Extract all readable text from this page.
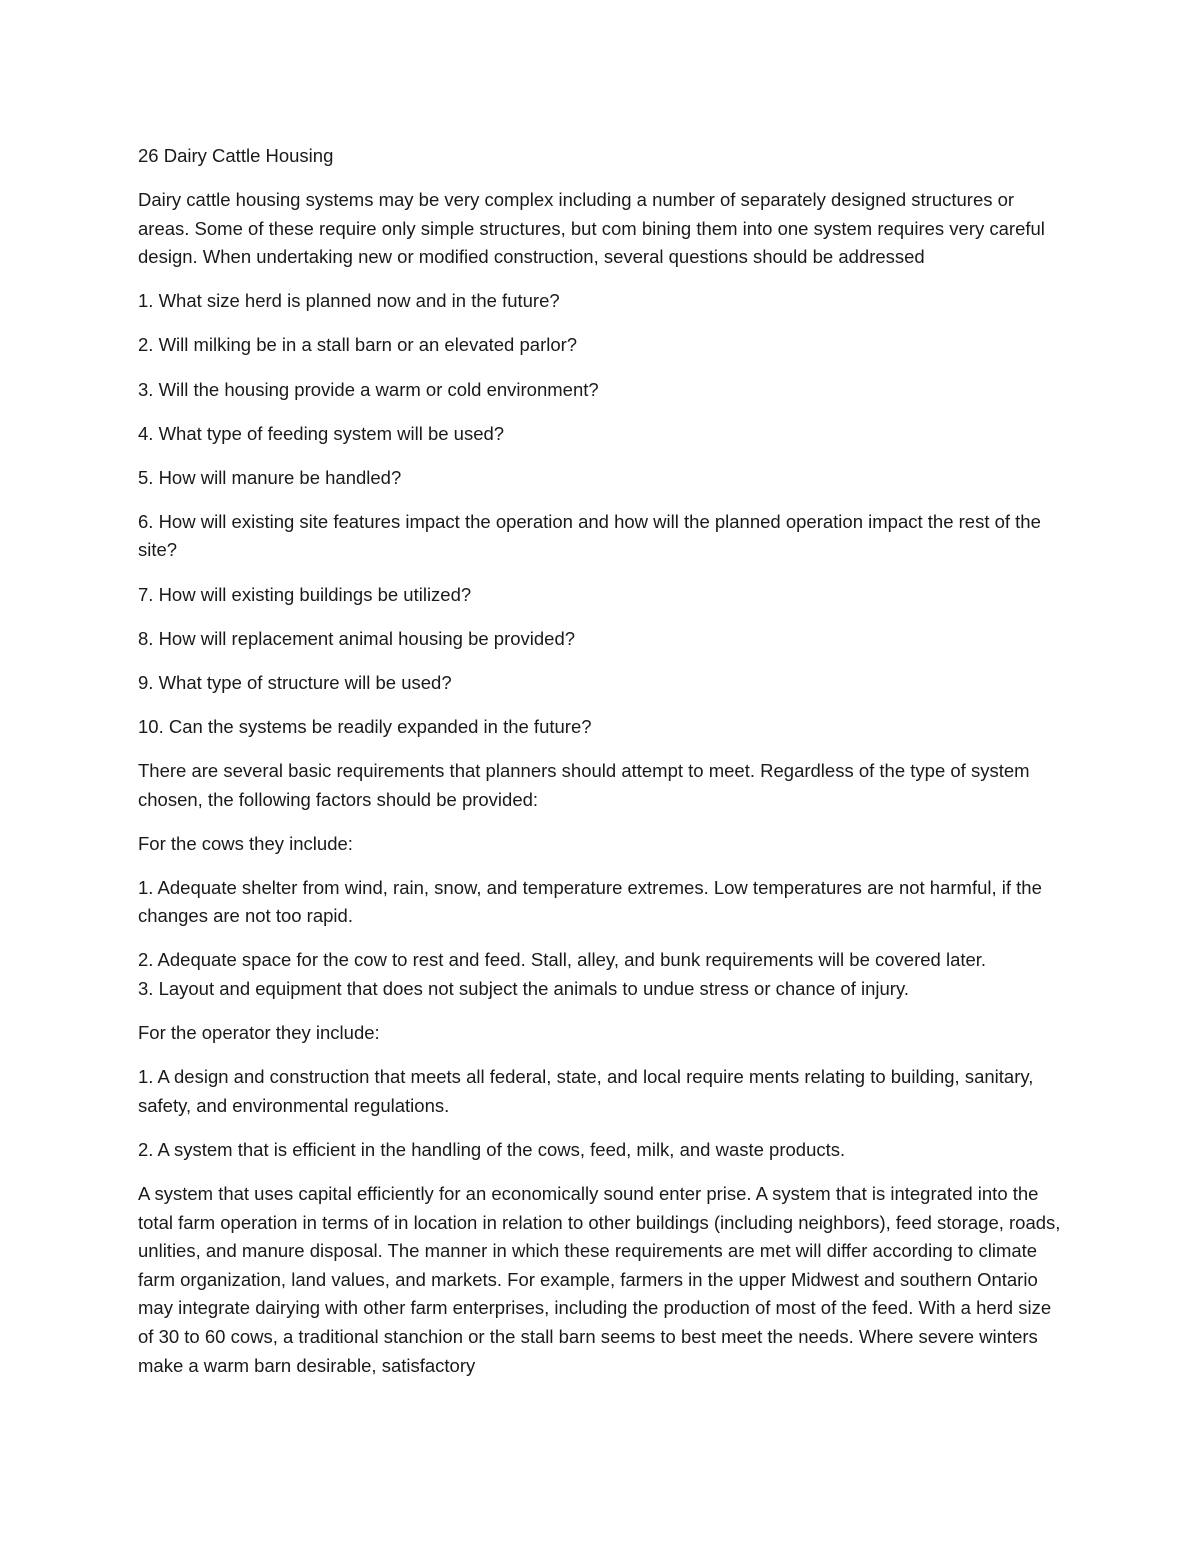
26 Dairy Cattle Housing

Dairy cattle housing systems may be very complex including a number of separately designed structures or areas. Some of these require only simple structures, but com bining them into one system requires very careful design. When undertaking new or modified construction, several questions should be addressed

1. What size herd is planned now and in the future?

2. Will milking be in a stall barn or an elevated parlor?

3. Will the housing provide a warm or cold environment?

4. What type of feeding system will be used?

5. How will manure be handled?

6. How will existing site features impact the operation and how will the planned operation impact the rest of the site?

7. How will existing buildings be utilized?

8. How will replacement animal housing be provided?

9. What type of structure will be used?

10. Can the systems be readily expanded in the future?

There are several basic requirements that planners should attempt to meet. Regardless of the type of system chosen, the following factors should be provided:

For the cows they include:

1. Adequate shelter from wind, rain, snow, and temperature extremes. Low temperatures are not harmful, if the changes are not too rapid.

2. Adequate space for the cow to rest and feed. Stall, alley, and bunk requirements will be covered later.

3. Layout and equipment that does not subject the animals to undue stress or chance of injury.

For the operator they include:

1. A design and construction that meets all federal, state, and local require ments relating to building, sanitary, safety, and environmental regulations.

2. A system that is efficient in the handling of the cows, feed, milk, and waste products.

A system that uses capital efficiently for an economically sound enter prise. A system that is integrated into the total farm operation in terms of in location in relation to other buildings (including neighbors), feed storage, roads, unlities, and manure disposal. The manner in which these requirements are met will differ according to climate farm organization, land values, and markets. For example, farmers in the upper Midwest and southern Ontario may integrate dairying with other farm enterprises, including the production of most of the feed. With a herd size of 30 to 60 cows, a traditional stanchion or the stall barn seems to best meet the needs. Where severe winters make a warm barn desirable, satisfactory
